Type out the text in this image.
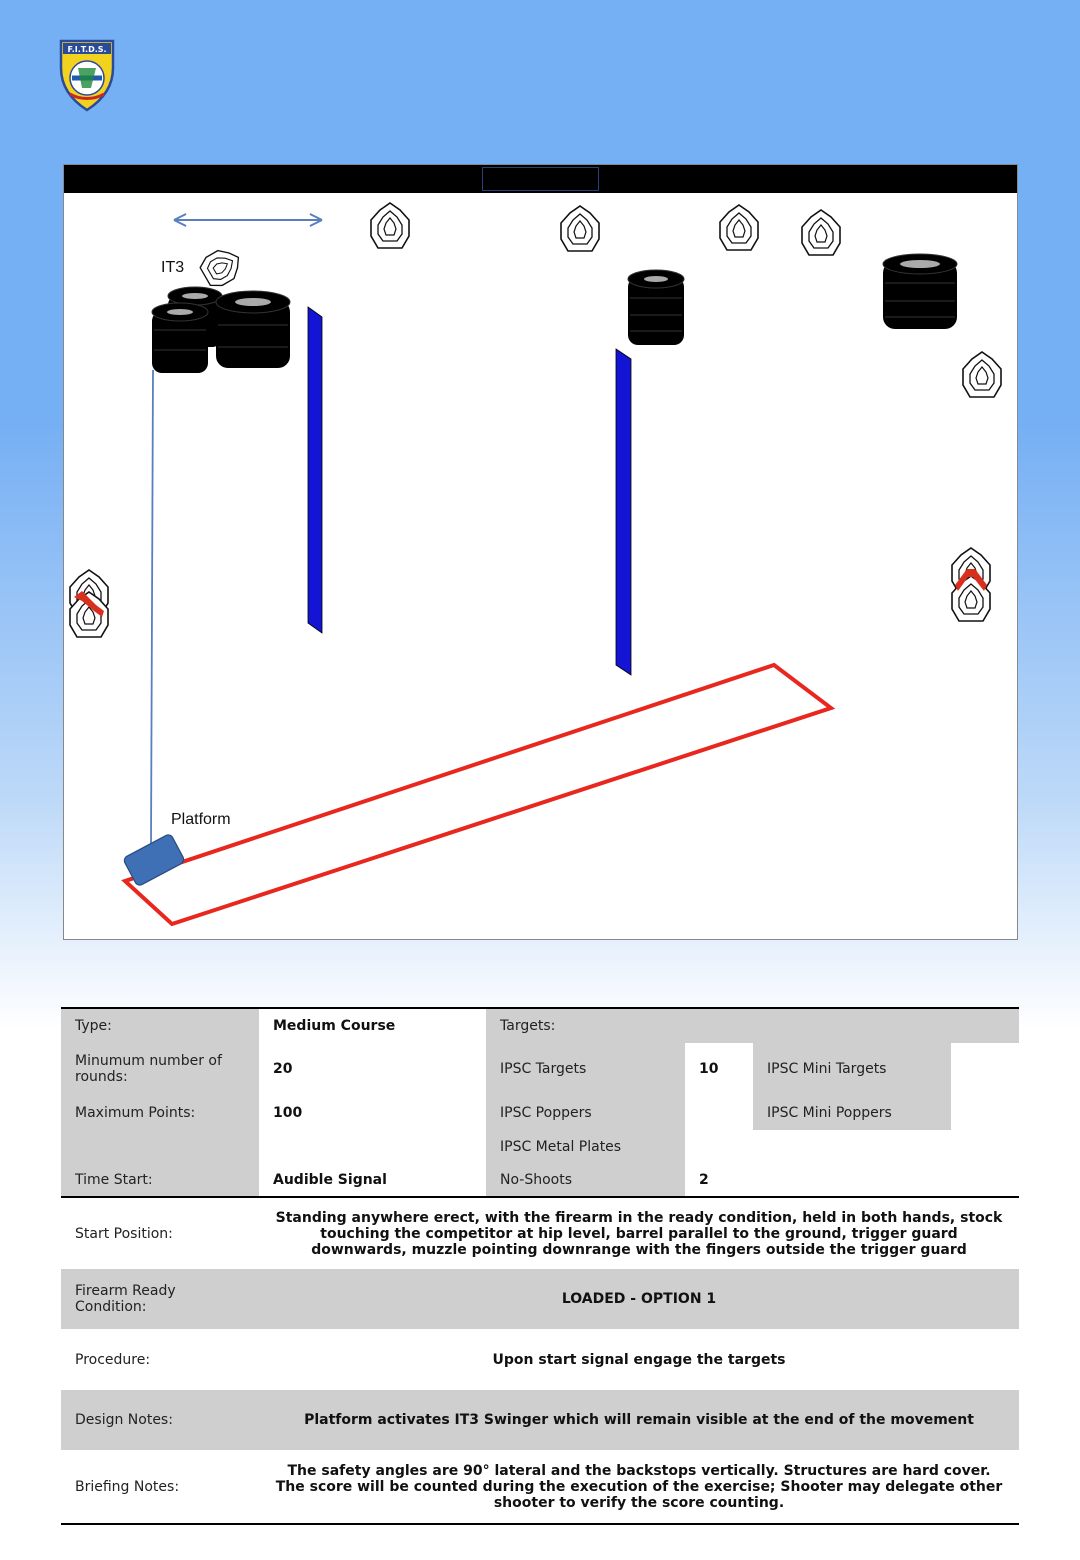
F.I.T.D.S.
IT3
Platform
Type:	Medium Course	Targets:			
Minumum number of rounds:	20	IPSC Targets	10	IPSC Mini Targets	
Maximum Points:	100	IPSC Poppers		IPSC Mini Poppers	
		IPSC Metal Plates			
Time Start:	Audible Signal	No-Shoots	2		
Start Position:	Standing anywhere erect, with the firearm in the ready condition, held in both hands, stock touching the competitor at hip level, barrel parallel to the ground, trigger guard downwards, muzzle pointing downrange with the fingers outside the trigger guard				
Firearm Ready Condition:	LOADED - OPTION 1				
Procedure:	Upon start signal engage the targets				
Design Notes:	Platform activates IT3 Swinger which will remain visible at the end of the movement				
Briefing Notes:	The safety angles are 90° lateral and the backstops vertically. Structures are hard cover. The score will be counted during the execution of the exercise; Shooter may delegate other shooter to verify the score counting.				
